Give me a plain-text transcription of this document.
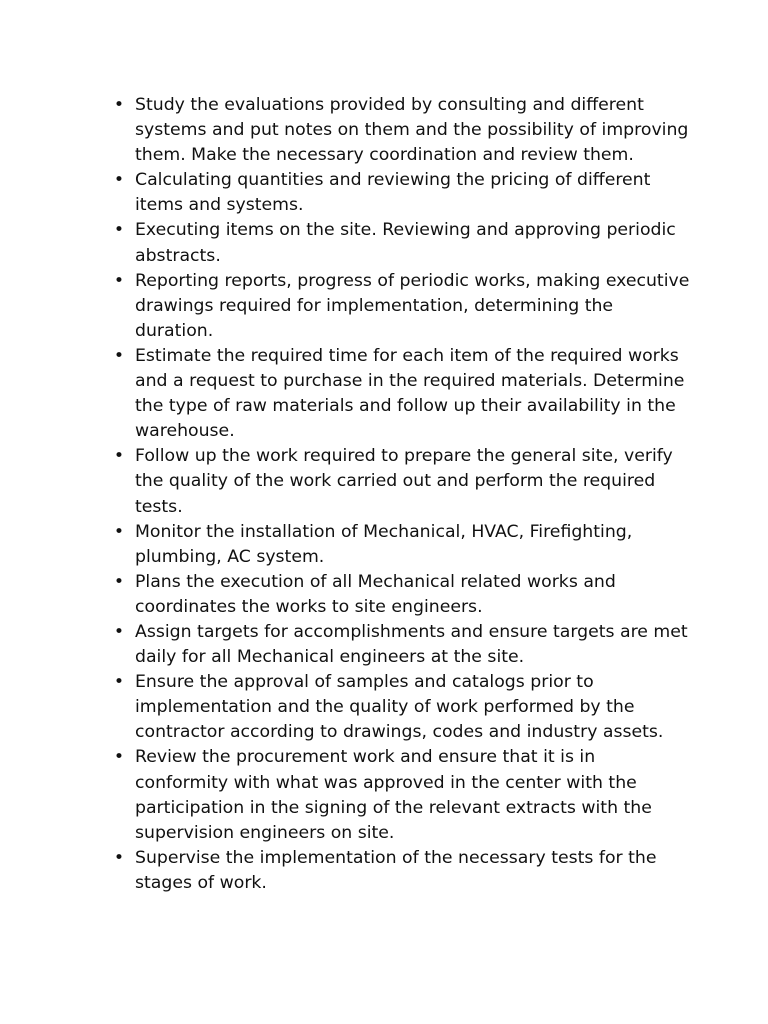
• Study the evaluations provided by consulting and different systems and put notes on them and the possibility of improving them. Make the necessary coordination and review them.
• Calculating quantities and reviewing the pricing of different items and systems.
• Executing items on the site. Reviewing and approving periodic abstracts.
• Reporting reports, progress of periodic works, making executive drawings required for implementation, determining the duration.
• Estimate the required time for each item of the required works and a request to purchase in the required materials. Determine the type of raw materials and follow up their availability in the warehouse.
• Follow up the work required to prepare the general site, verify the quality of the work carried out and perform the required tests.
• Monitor the installation of Mechanical, HVAC, Firefighting, plumbing, AC system.
• Plans the execution of all Mechanical related works and coordinates the works to site engineers.
• Assign targets for accomplishments and ensure targets are met daily for all Mechanical engineers at the site.
• Ensure the approval of samples and catalogs prior to implementation and the quality of work performed by the contractor according to drawings, codes and industry assets.
• Review the procurement work and ensure that it is in conformity with what was approved in the center with the participation in the signing of the relevant extracts with the supervision engineers on site.
• Supervise the implementation of the necessary tests for the stages of work.
